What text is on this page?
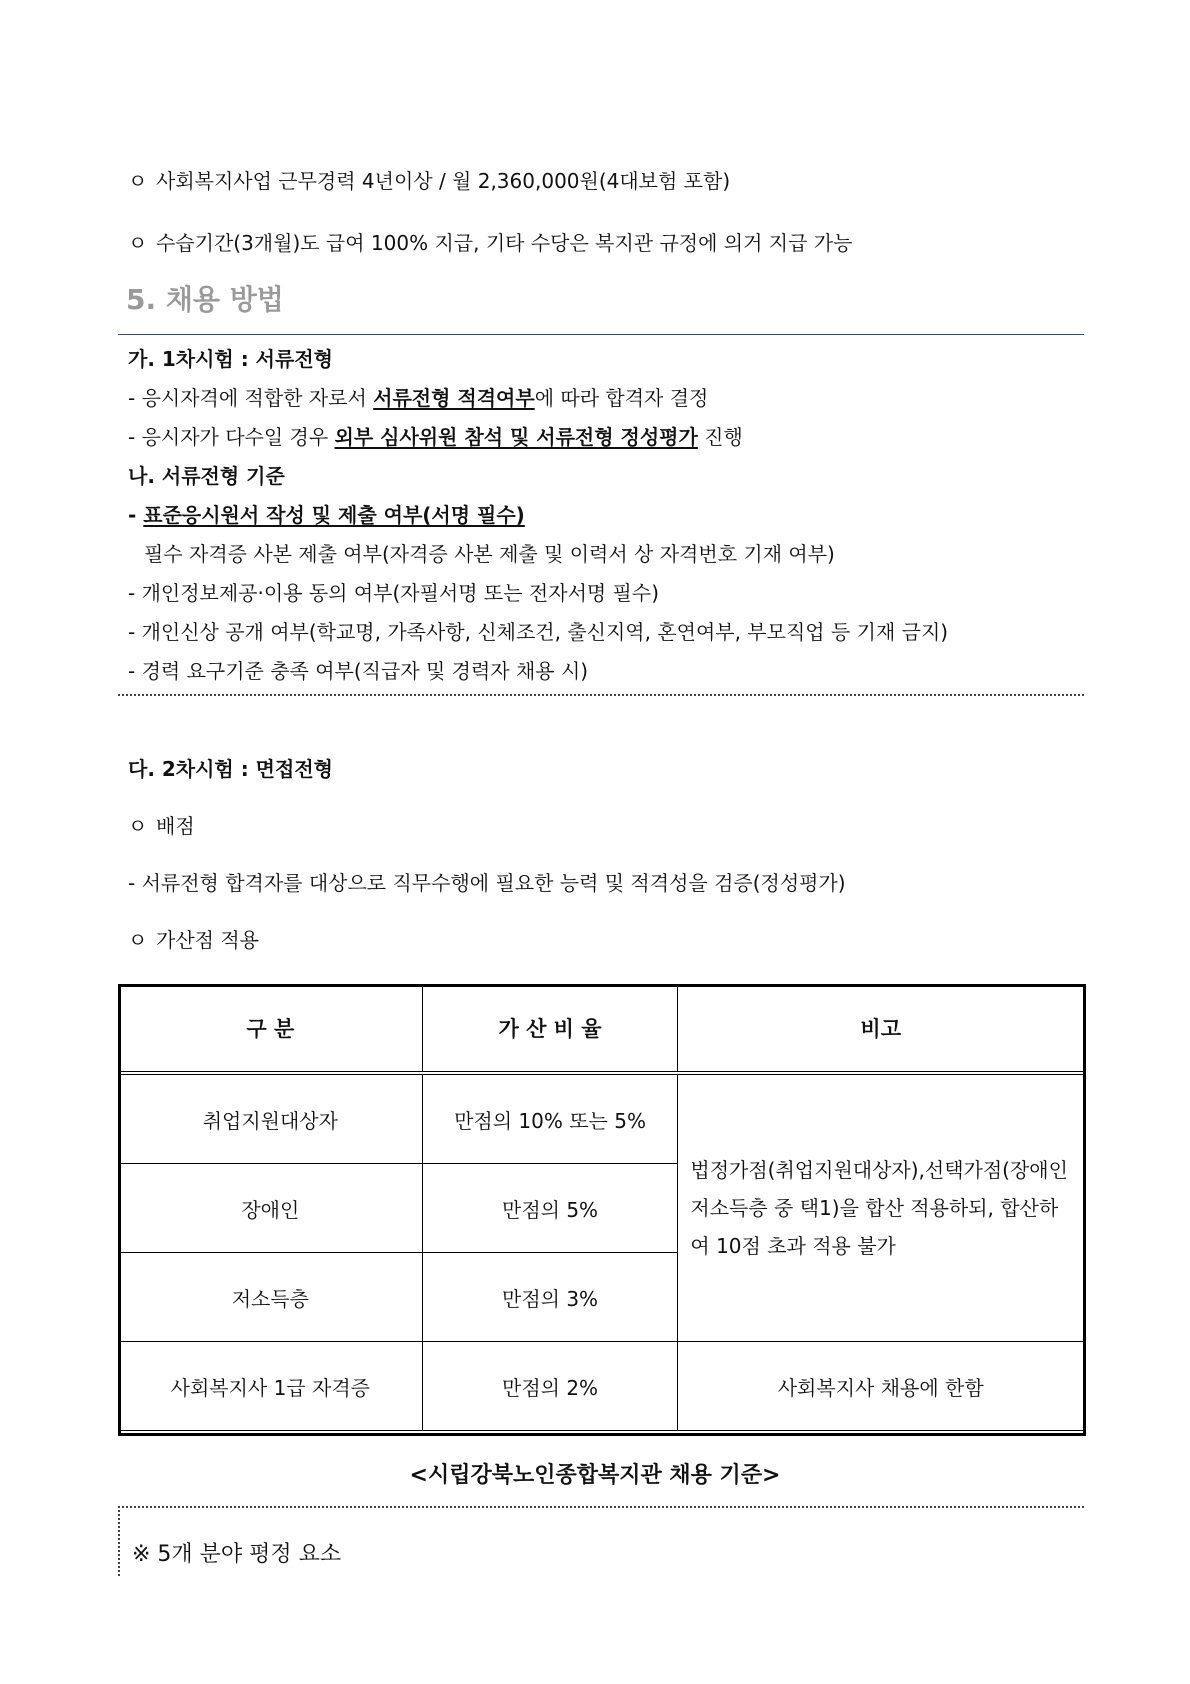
ㅇ 사회복지사업 근무경력 4년이상 / 월 2,360,000원(4대보험 포함)
ㅇ 수습기간(3개월)도 급여 100% 지급, 기타 수당은 복지관 규정에 의거 지급 가능
5. 채용 방법
가. 1차시험 : 서류전형
- 응시자격에 적합한 자로서 서류전형 적격여부에 따라 합격자 결정
- 응시자가 다수일 경우 외부 심사위원 참석 및 서류전형 정성평가 진행
나. 서류전형 기준
- 표준응시원서 작성 및 제출 여부(서명 필수)
필수 자격증 사본 제출 여부(자격증 사본 제출 및 이력서 상 자격번호 기재 여부)
- 개인정보제공·이용 동의 여부(자필서명 또는 전자서명 필수)
- 개인신상 공개 여부(학교명, 가족사항, 신체조건, 출신지역, 혼연여부, 부모직업 등 기재 금지)
- 경력 요구기준 충족 여부(직급자 및 경력자 채용 시)
다. 2차시험 : 면접전형
ㅇ 배점
- 서류전형 합격자를 대상으로 직무수행에 필요한 능력 및 적격성을 검증(정성평가)
ㅇ 가산점 적용
구 분	가 산 비 율	비고
취업지원대상자	만점의 10% 또는 5%	법정가점(취업지원대상자),선택가점(장애인 저소득층 중 택1)을 합산 적용하되, 합산하여 10점 초과 적용 불가
장애인	만점의 5%	
저소득층	만점의 3%	
사회복지사 1급 자격증	만점의 2%	사회복지사 채용에 한함
<시립강북노인종합복지관 채용 기준>
※ 5개 분야 평정 요소
